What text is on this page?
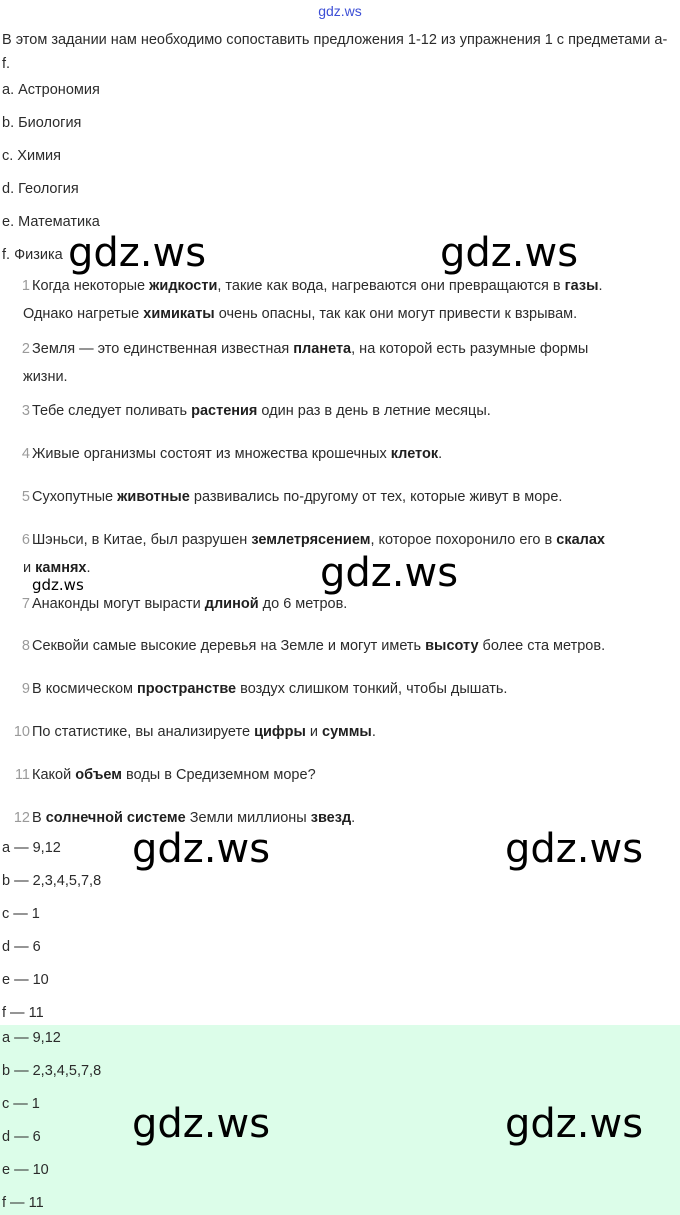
gdz.ws
В этом задании нам необходимо сопоставить предложения 1-12 из упражнения 1 с предметами a-f.
a. Астрономия
b. Биология
c. Химия
d. Геология
e. Математика
f. Физика
1 Когда некоторые жидкости, такие как вода, нагреваются они превращаются в газы.
Однако нагретые химикаты очень опасны, так как они могут привести к взрывам.
2 Земля — это единственная известная планета, на которой есть разумные формы
жизни.
3 Тебе следует поливать растения один раз в день в летние месяцы.
4 Живые организмы состоят из множества крошечных клеток.
5 Сухопутные животные развивались по-другому от тех, которые живут в море.
6 Шэньси, в Китае, был разрушен землетрясением, которое похоронило его в скалах
и камнях.
7 Анаконды могут вырасти длиной до 6 метров.
8 Секвойи самые высокие деревья на Земле и могут иметь высоту более ста метров.
9 В космическом пространстве воздух слишком тонкий, чтобы дышать.
10 По статистике, вы анализируете цифры и суммы.
11 Какой объем воды в Средиземном море?
12 В солнечной системе Земли миллионы звезд.
a — 9,12
b — 2,3,4,5,7,8
c — 1
d — 6
e — 10
f — 11
a — 9,12
b — 2,3,4,5,7,8
c — 1
d — 6
e — 10
f — 11
gdz.ws	gdz.ws
gdz.ws
gdz.ws
gdz.ws	gdz.ws
gdz.ws	gdz.ws
